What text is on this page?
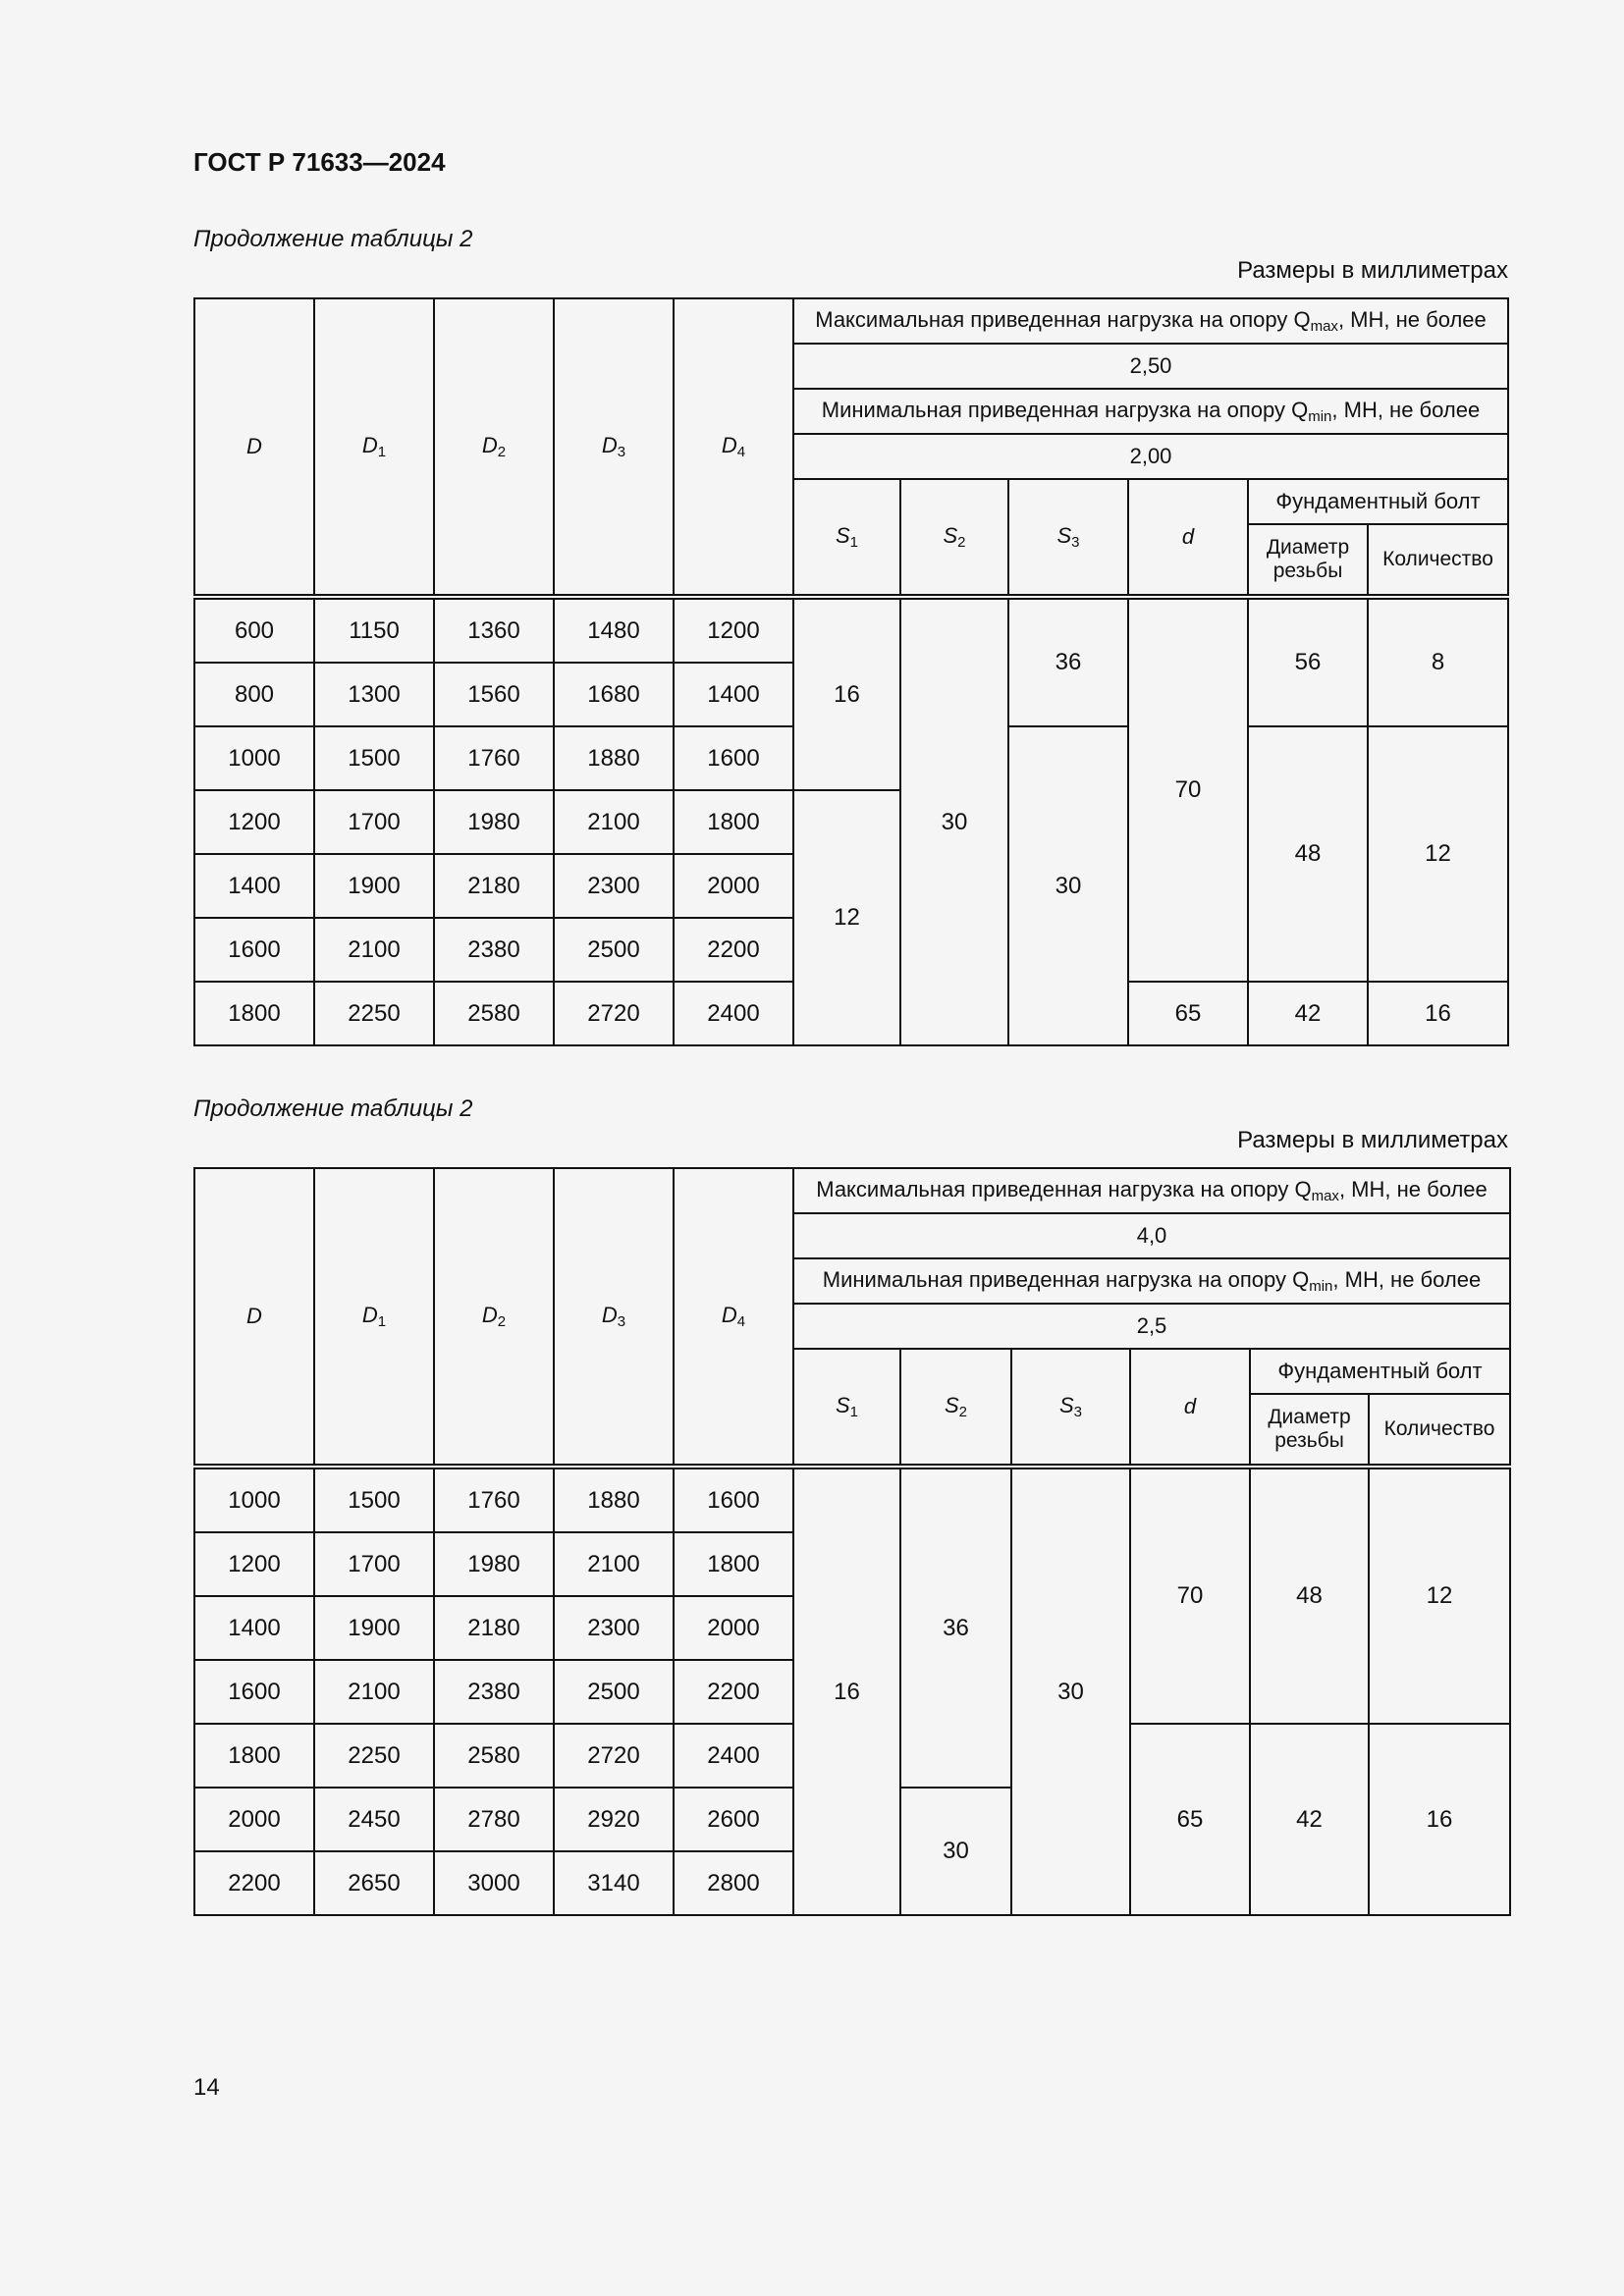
ГОСТ Р 71633—2024
Продолжение таблицы 2
Размеры в миллиметрах
D	$D_1$	$D_2$	$D_3$	$D_4$	Максимальная приведенная нагрузка на опору $Q_{max}$, МН, не более					
					2,50					
					Минимальная приведенная нагрузка на опору $Q_{min}$, МН, не более					
					2,00					
					$S_1$	$S_2$	$S_3$	d	Фундаментный болт	
									Диаметр резьбы	Количество
600	1150	1360	1480	1200	16	30	36	70	56	8
800	1300	1560	1680	1400						
1000	1500	1760	1880	1600			30		48	12
1200	1700	1980	2100	1800	12					
1400	1900	2180	2300	2000						
1600	2100	2380	2500	2200						
1800	2250	2580	2720	2400				65	42	16
Продолжение таблицы 2
Размеры в миллиметрах
D	$D_1$	$D_2$	$D_3$	$D_4$	Максимальная приведенная нагрузка на опору $Q_{max}$, МН, не более					
					4,0					
					Минимальная приведенная нагрузка на опору $Q_{min}$, МН, не более					
					2,5					
					$S_1$	$S_2$	$S_3$	d	Фундаментный болт	
									Диаметр резьбы	Количество
1000	1500	1760	1880	1600	16	36	30	70	48	12
1200	1700	1980	2100	1800						
1400	1900	2180	2300	2000						
1600	2100	2380	2500	2200						
1800	2250	2580	2720	2400				65	42	16
2000	2450	2780	2920	2600		30				
2200	2650	3000	3140	2800						
14
